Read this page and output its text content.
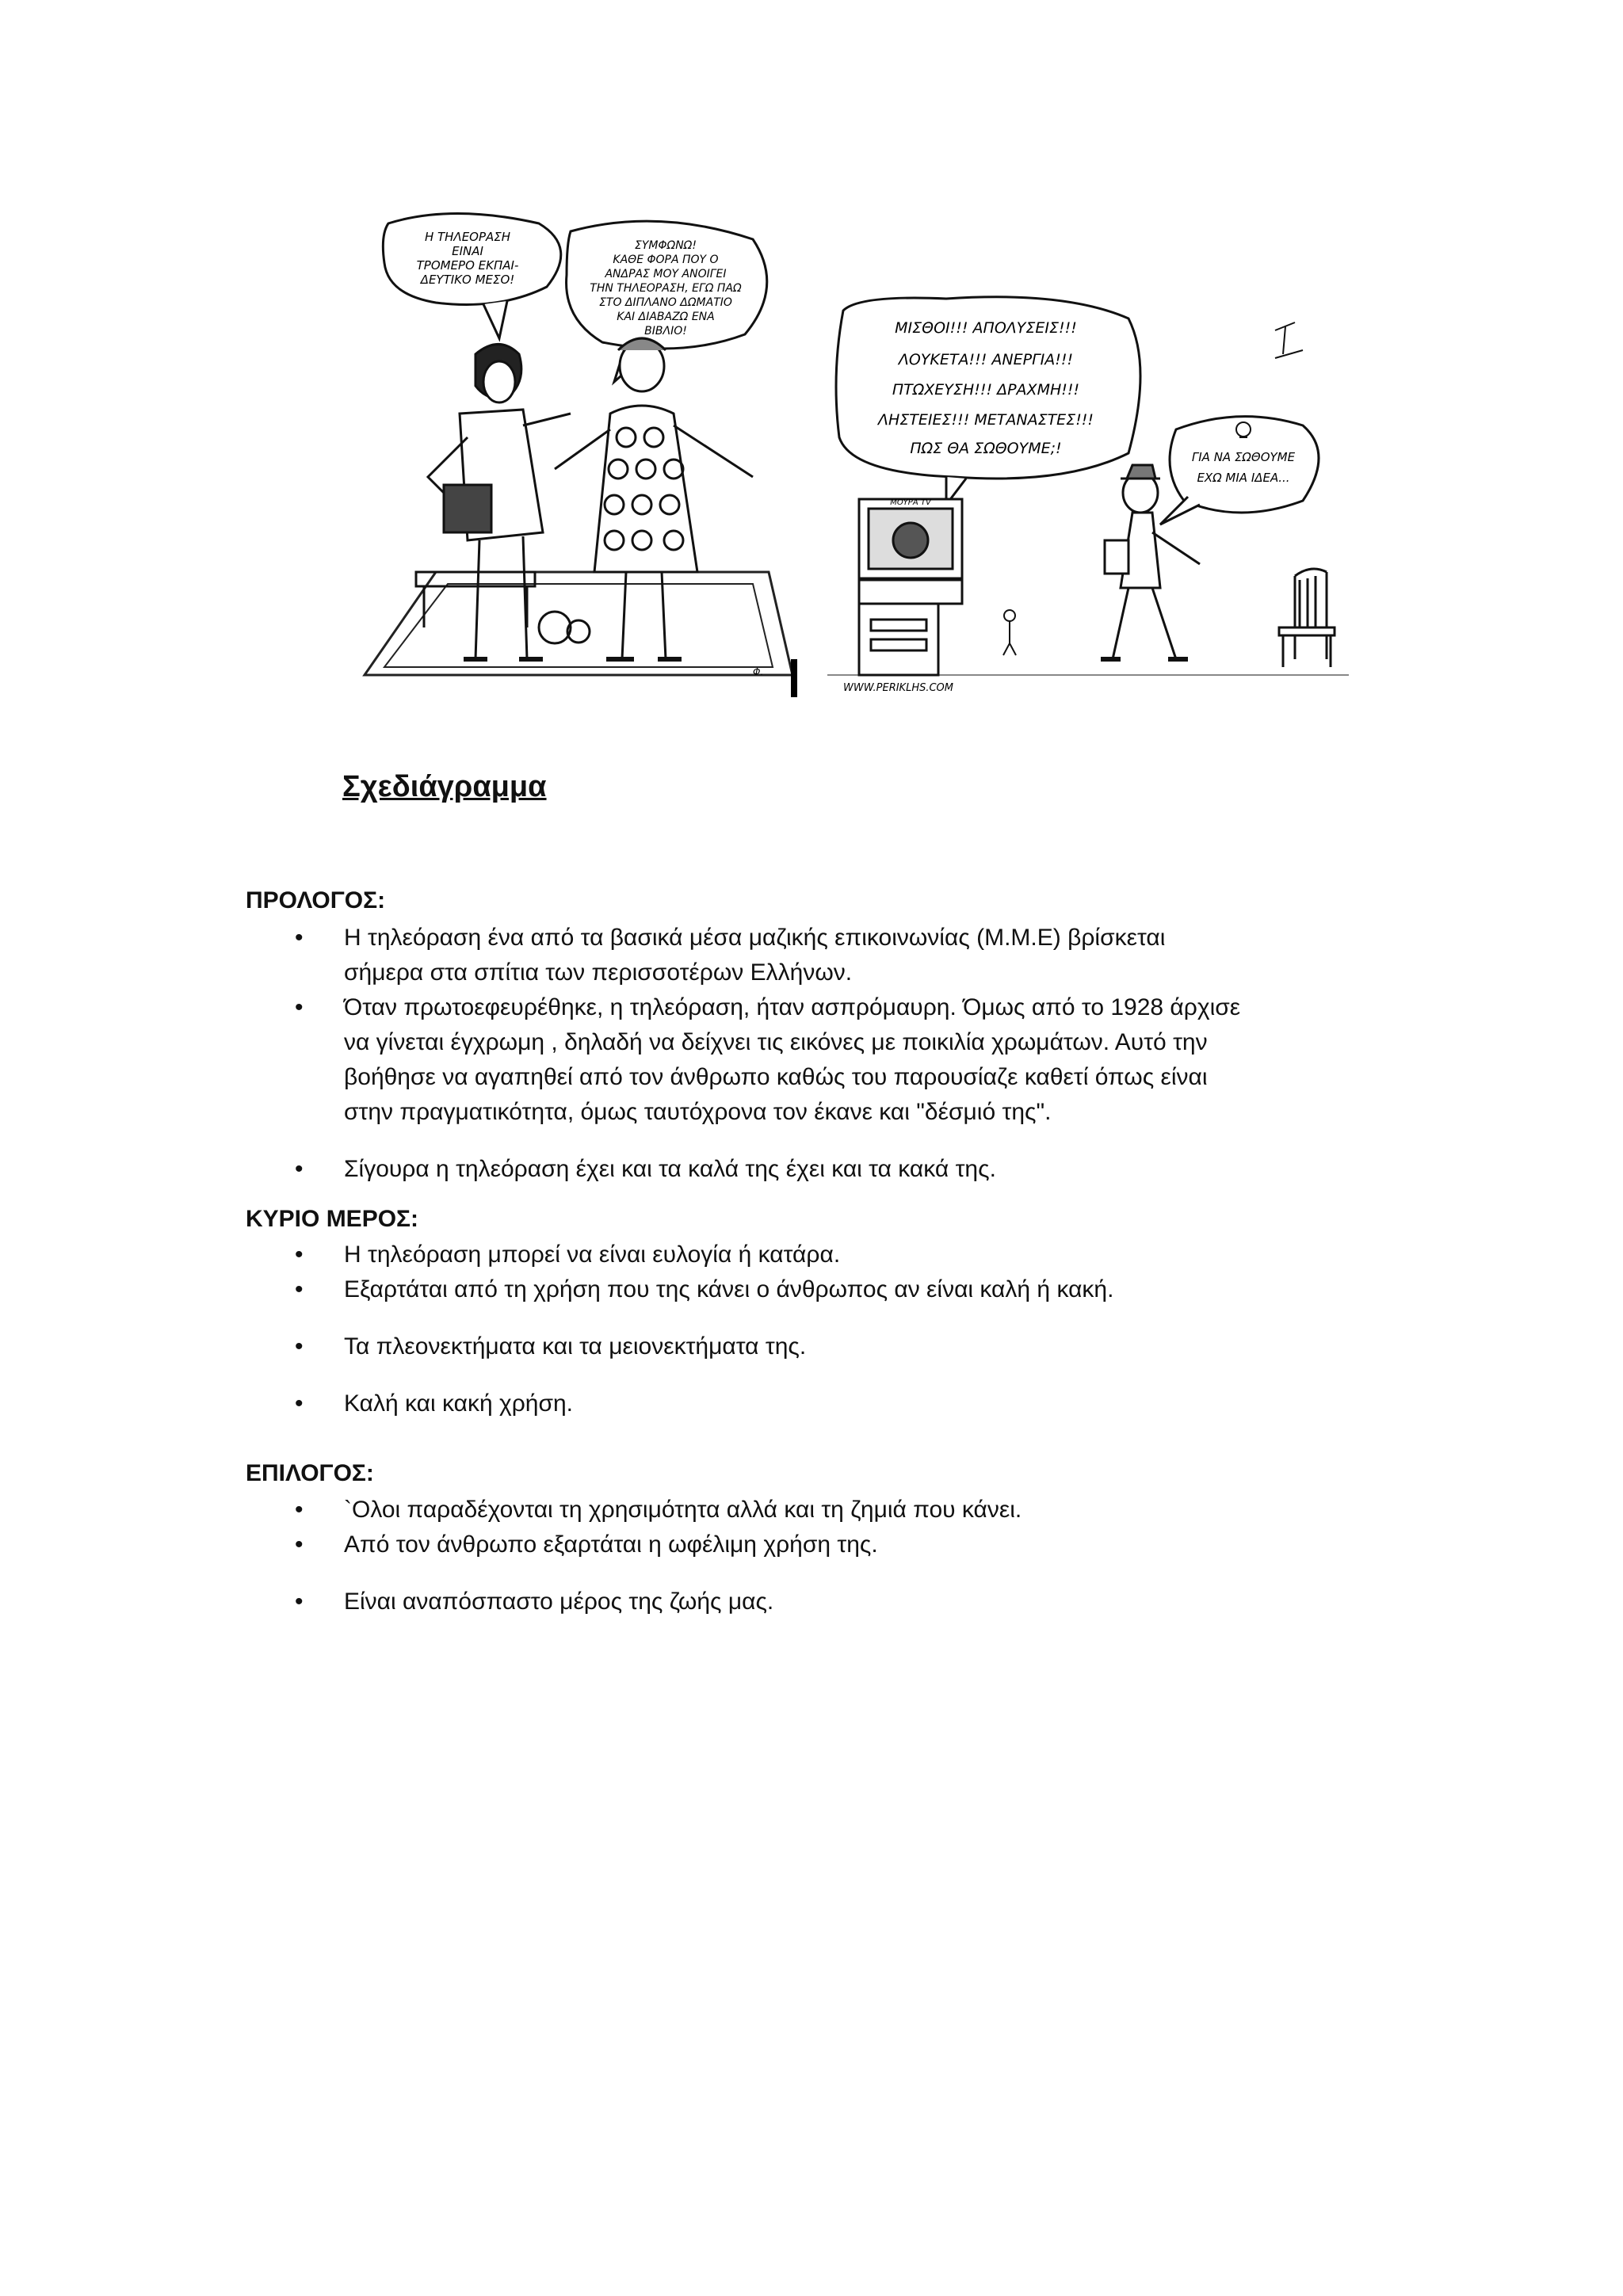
Η ΤΗΛΕΟΡΑΣΗ
ΕΙΝΑΙ
ΤΡΟΜΕΡΟ ΕΚΠΑΙ-
ΔΕΥΤΙΚΟ ΜΕΣΟ!
ΣΥΜΦΩΝΩ!
ΚΑΘΕ ΦΟΡΑ ΠΟΥ Ο
ΑΝΔΡΑΣ ΜΟΥ ΑΝΟΙΓΕΙ
ΤΗΝ ΤΗΛΕΟΡΑΣΗ, ΕΓΩ ΠΑΩ
ΣΤΟ ΔΙΠΛΑΝΟ ΔΩΜΑΤΙΟ
ΚΑΙ ΔΙΑΒΑΖΩ ΕΝΑ
ΒΙΒΛΙΟ!
Φ.
ΜΙΣΘΟΙ!!! ΑΠΟΛΥΣΕΙΣ!!!
ΛΟΥΚΕΤΑ!!! ΑΝΕΡΓΙΑ!!!
ΠΤΩΧΕΥΣΗ!!! ΔΡΑΧΜΗ!!!
ΛΗΣΤΕΙΕΣ!!! ΜΕΤΑΝΑΣΤΕΣ!!!
ΠΩΣ ΘΑ ΣΩΘΟΥΜΕ;!	ΓΙΑ ΝΑ ΣΩΘΟΥΜΕ
ΕΧΩ ΜΙΑ ΙΔΕΑ...
ΜΟΥΡΑ TV
WWW.PERIKLHS.COM
Σχεδιάγραμμα
ΠΡΟΛΟΓΟΣ:
• Η τηλεόραση ένα από τα βασικά μέσα μαζικής επικοινωνίας (Μ.Μ.Ε) βρίσκεται
σήμερα στα σπίτια των περισσοτέρων Ελλήνων.
• Όταν πρωτοεφευρέθηκε, η τηλεόραση, ήταν ασπρόμαυρη. Όμως από το 1928 άρχισε
να γίνεται έγχρωμη , δηλαδή να δείχνει τις εικόνες με ποικιλία χρωμάτων. Αυτό την
βοήθησε να αγαπηθεί από τον άνθρωπο καθώς του παρουσίαζε καθετί όπως είναι
στην πραγματικότητα, όμως ταυτόχρονα τον έκανε και "δέσμιό της".
• Σίγουρα η τηλεόραση έχει και τα καλά της έχει και τα κακά της.
ΚΥΡΙΟ ΜΕΡΟΣ:
• Η τηλεόραση μπορεί να είναι ευλογία ή κατάρα.
• Εξαρτάται από τη χρήση που της κάνει ο άνθρωπος αν είναι καλή ή κακή.
• Τα πλεονεκτήματα και τα μειονεκτήματα της.
• Καλή και κακή χρήση.
ΕΠΙΛΟΓΟΣ:
• `Ολοι παραδέχονται τη χρησιμότητα αλλά και τη ζημιά που κάνει.
• Από τον άνθρωπο εξαρτάται η ωφέλιμη χρήση της.
• Είναι αναπόσπαστο μέρος της ζωής μας.
